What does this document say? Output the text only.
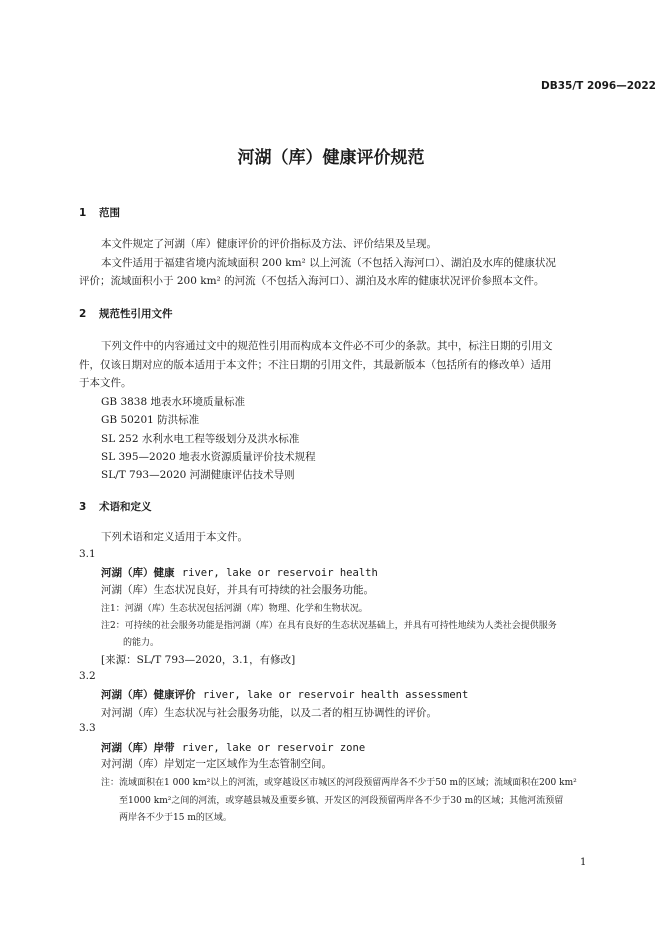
DB35/T 2096—2022
河湖（库）健康评价规范
1 范围
本文件规定了河湖（库）健康评价的评价指标及方法、评价结果及呈现。
本文件适用于福建省境内流域面积 200 km² 以上河流（不包括入海河口）、湖泊及水库的健康状况
评价；流域面积小于 200 km² 的河流（不包括入海河口）、湖泊及水库的健康状况评价参照本文件。
2 规范性引用文件
下列文件中的内容通过文中的规范性引用而构成本文件必不可少的条款。其中，标注日期的引用文
件，仅该日期对应的版本适用于本文件；不注日期的引用文件，其最新版本（包括所有的修改单）适用
于本文件。
GB 3838 地表水环境质量标准
GB 50201 防洪标准
SL 252 水利水电工程等级划分及洪水标准
SL 395—2020 地表水资源质量评价技术规程
SL/T 793—2020 河湖健康评估技术导则
3 术语和定义
下列术语和定义适用于本文件。
3.1
河湖（库）健康 river, lake or reservoir health
河湖（库）生态状况良好，并具有可持续的社会服务功能。
注1：河湖（库）生态状况包括河湖（库）物理、化学和生物状况。
注2：可持续的社会服务功能是指河湖（库）在具有良好的生态状况基础上，并具有可持性地续为人类社会提供服务
的能力。
[来源：SL/T 793—2020，3.1，有修改]
3.2
河湖（库）健康评价 river, lake or reservoir health assessment
对河湖（库）生态状况与社会服务功能，以及二者的相互协调性的评价。
3.3
河湖（库）岸带 river, lake or reservoir zone
对河湖（库）岸划定一定区域作为生态管制空间。
注：流域面积在1 000 km²以上的河流，或穿越设区市城区的河段预留两岸各不少于50 m的区域；流域面积在200 km²
至1000 km²之间的河流，或穿越县城及重要乡镇、开发区的河段预留两岸各不少于30 m的区域；其他河流预留
两岸各不少于15 m的区域。
1
